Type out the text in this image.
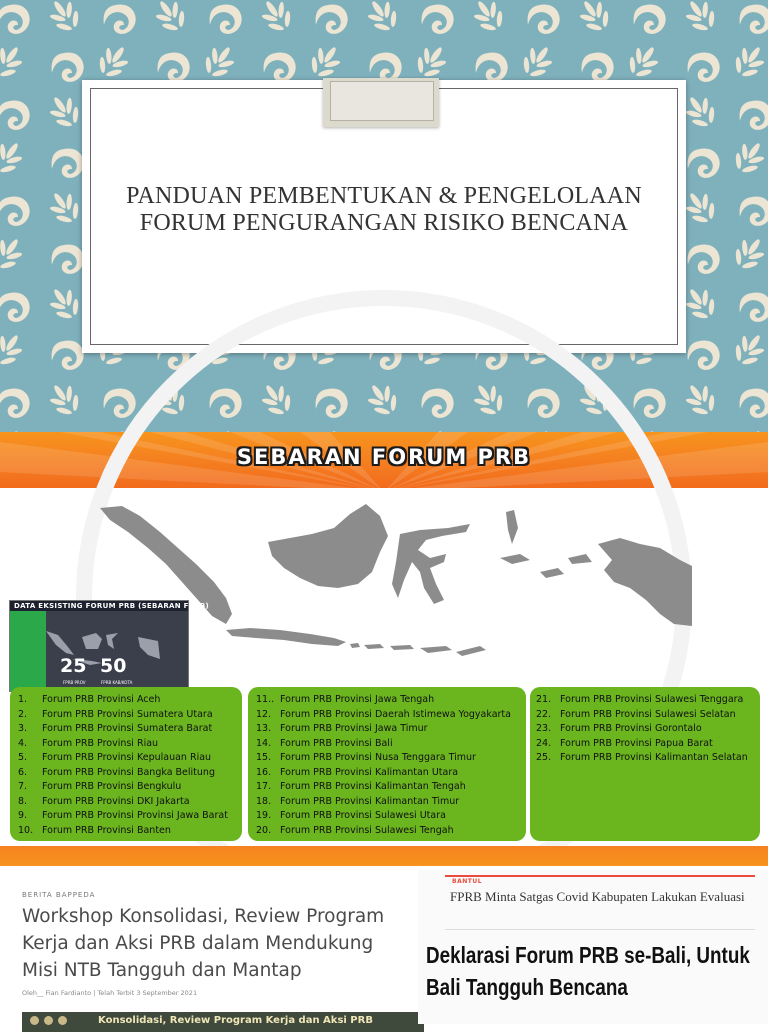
PANDUAN PEMBENTUKAN & PENGELOLAAN
FORUM PENGURANGAN RISIKO BENCANA
SEBARAN FORUM PRB
DATA EKSISTING FORUM PRB (SEBARAN FPRB)
25
FPRB PROV
50
FPRB KAB/KOTA
1. Forum PRB Provinsi Aceh
2. Forum PRB Provinsi Sumatera Utara
3. Forum PRB Provinsi Sumatera Barat
4. Forum PRB Provinsi Riau
5. Forum PRB Provinsi Kepulauan Riau
6. Forum PRB Provinsi Bangka Belitung
7. Forum PRB Provinsi Bengkulu
8. Forum PRB Provinsi DKI Jakarta
9. Forum PRB Provinsi Provinsi Jawa Barat
10. Forum PRB Provinsi Banten
11.. Forum PRB Provinsi Jawa Tengah
12. Forum PRB Provinsi Daerah Istimewa Yogyakarta
13. Forum PRB Provinsi Jawa Timur
14. Forum PRB Provinsi Bali
15. Forum PRB Provinsi Nusa Tenggara Timur
16. Forum PRB Provinsi Kalimantan Utara
17. Forum PRB Provinsi Kalimantan Tengah
18. Forum PRB Provinsi Kalimantan Timur
19. Forum PRB Provinsi Sulawesi Utara
20. Forum PRB Provinsi Sulawesi Tengah
21. Forum PRB Provinsi Sulawesi Tenggara
22. Forum PRB Provinsi Sulawesi Selatan
23. Forum PRB Provinsi Gorontalo
24. Forum PRB Provinsi Papua Barat
25. Forum PRB Provinsi Kalimantan Selatan
BERITA BAPPEDA
Workshop Konsolidasi, Review Program Kerja dan Aksi PRB dalam Mendukung Misi NTB Tangguh dan Mantap
Oleh__ Fian Fardianto | Telah Terbit 3 September 2021
Konsolidasi, Review Program Kerja dan Aksi PRB
BANTUL
FPRB Minta Satgas Covid Kabupaten Lakukan Evaluasi
Deklarasi Forum PRB se-Bali, Untuk Bali Tangguh Bencana
